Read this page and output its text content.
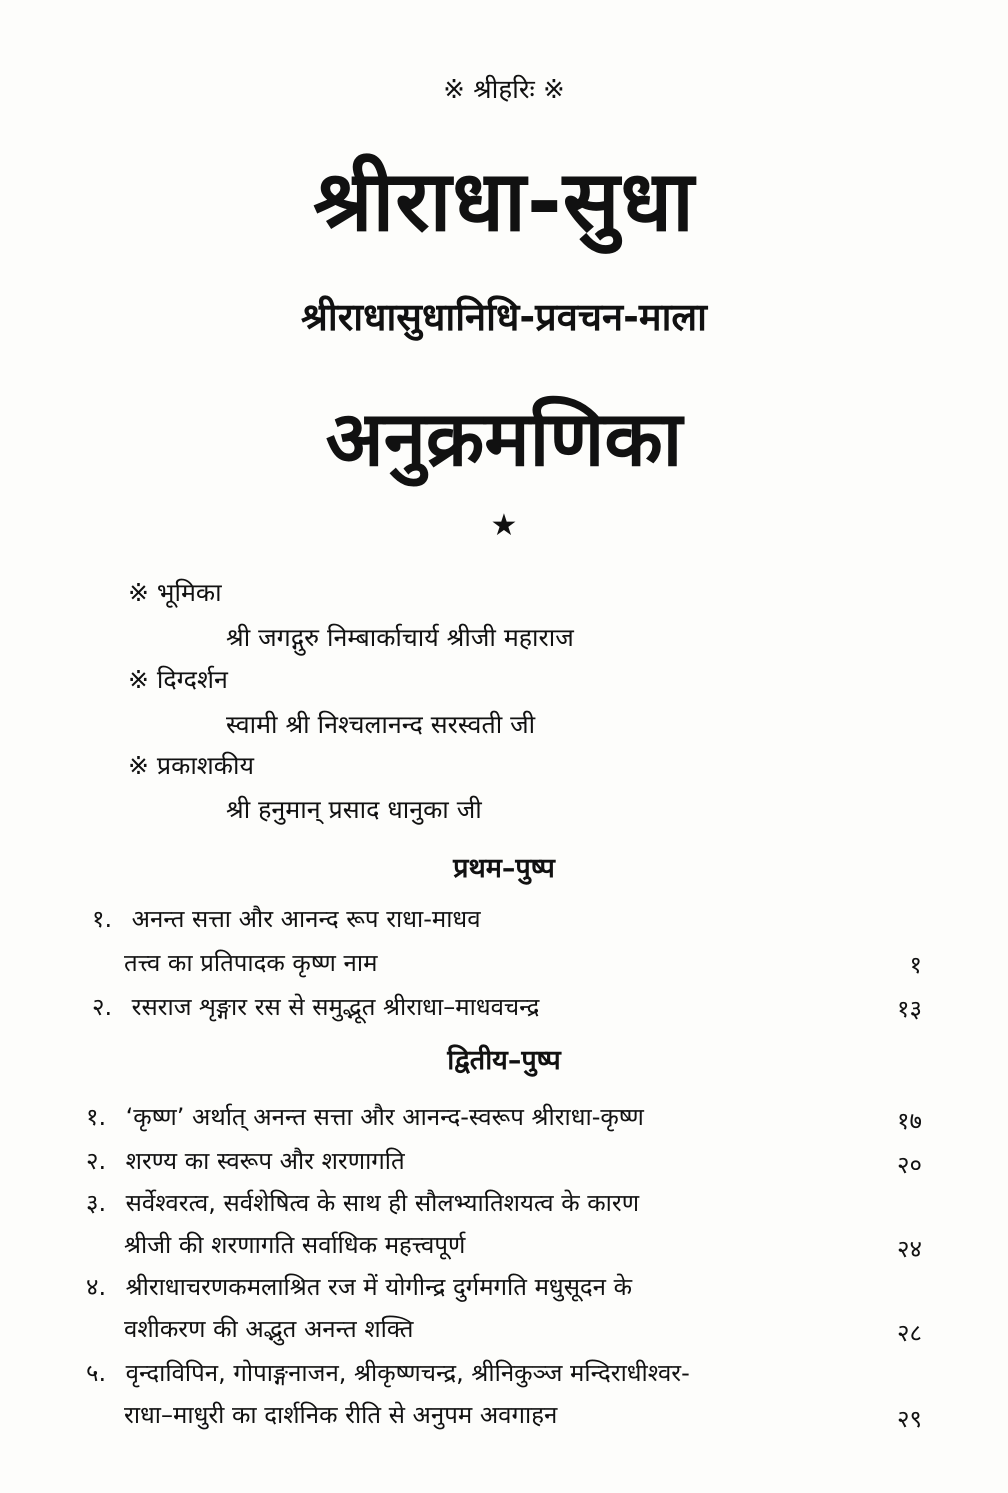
※ श्रीहरिः ※
श्रीराधा-सुधा
श्रीराधासुधानिधि-प्रवचन-माला
अनुक्रमणिका
★
※ भूमिका
श्री जगद्गुरु निम्बार्काचार्य श्रीजी महाराज
※ दिग्दर्शन
स्वामी श्री निश्चलानन्द सरस्वती जी
※ प्रकाशकीय
श्री हनुमान् प्रसाद धानुका जी
प्रथम–पुष्प
१. अनन्त सत्ता और आनन्द रूप राधा-माधव
तत्त्व का प्रतिपादक कृष्ण नाम	१
२. रसराज शृङ्गार रस से समुद्भूत श्रीराधा–माधवचन्द्र	१३
द्वितीय–पुष्प
१. ‘कृष्ण’ अर्थात् अनन्त सत्ता और आनन्द-स्वरूप श्रीराधा-कृष्ण	१७
२. शरण्य का स्वरूप और शरणागति	२०
३. सर्वेश्वरत्व, सर्वशेषित्व के साथ ही सौलभ्यातिशयत्व के कारण
श्रीजी की शरणागति सर्वाधिक महत्त्वपूर्ण	२४
४. श्रीराधाचरणकमलाश्रित रज में योगीन्द्र दुर्गमगति मधुसूदन के
वशीकरण की अद्भुत अनन्त शक्ति	२८
५. वृन्दाविपिन, गोपाङ्गनाजन, श्रीकृष्णचन्द्र, श्रीनिकुञ्ज मन्दिराधीश्वर-
राधा–माधुरी का दार्शनिक रीति से अनुपम अवगाहन	२९
